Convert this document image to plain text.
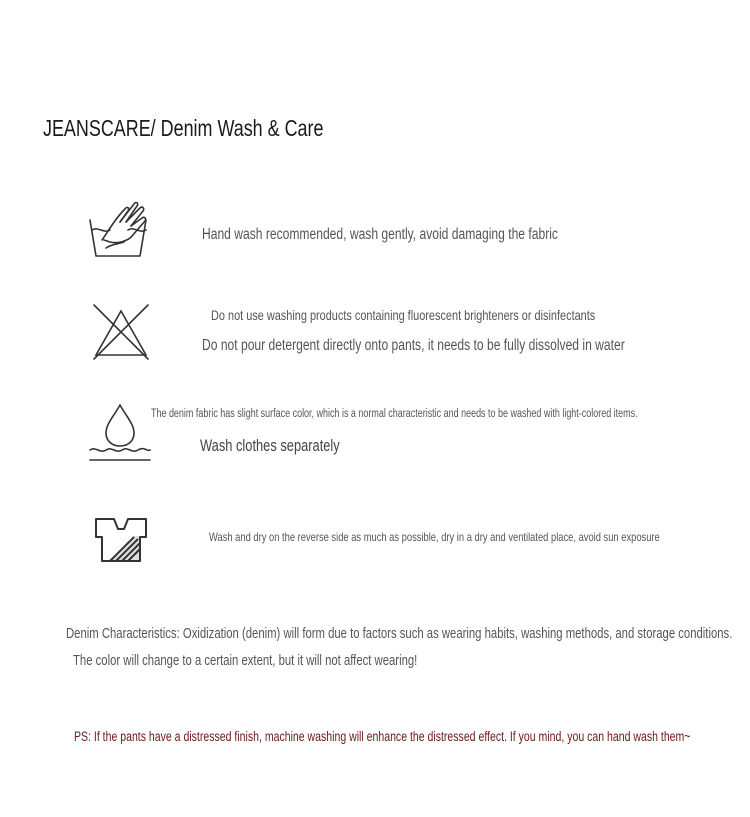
JEANSCARE/ Denim Wash & Care
Hand wash recommended, wash gently, avoid damaging the fabric
Do not use washing products containing fluorescent brighteners or disinfectants
Do not pour detergent directly onto pants, it needs to be fully dissolved in water
The denim fabric has slight surface color, which is a normal characteristic and needs to be washed with light-colored items.
Wash clothes separately
Wash and dry on the reverse side as much as possible, dry in a dry and ventilated place, avoid sun exposure
Denim Characteristics: Oxidization (denim) will form due to factors such as wearing habits, washing methods, and storage conditions.
The color will change to a certain extent, but it will not affect wearing!
PS: If the pants have a distressed finish, machine washing will enhance the distressed effect. If you mind, you can hand wash them~
